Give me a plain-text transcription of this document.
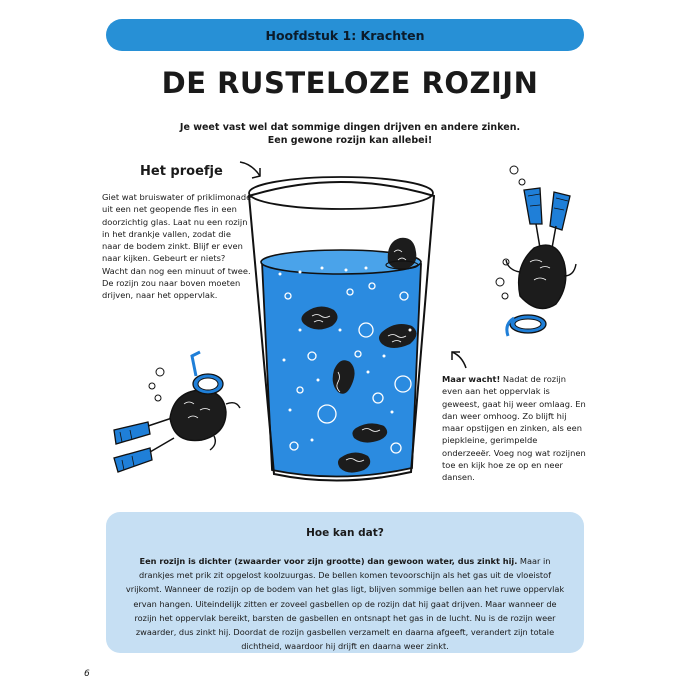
Hoofdstuk 1: Krachten
DE RUSTELOZE ROZIJN
Je weet vast wel dat sommige dingen drijven en andere zinken.
Een gewone rozijn kan allebei!
Het proefje

Giet wat bruiswater of priklimonade uit een net geopende fles in een doorzichtig glas. Laat nu een rozijn in het drankje vallen, zodat die naar de bodem zinkt. Blijf er even naar kijken. Gebeurt er niets? Wacht dan nog een minuut of twee. De rozijn zou naar boven moeten drijven, naar het oppervlak.

Maar wacht! Nadat de rozijn even aan het oppervlak is geweest, gaat hij weer omlaag. En dan weer omhoog. Zo blijft hij maar opstijgen en zinken, als een piepkleine, gerimpelde onderzeeër. Voeg nog wat rozijnen toe en kijk hoe ze op en neer dansen.

Hoe kan dat?

Een rozijn is dichter (zwaarder voor zijn grootte) dan gewoon water, dus zinkt hij. Maar in drankjes met prik zit opgelost koolzuurgas. De bellen komen tevoorschijn als het gas uit de vloeistof vrijkomt. Wanneer de rozijn op de bodem van het glas ligt, blijven sommige bellen aan het ruwe oppervlak ervan hangen. Uiteindelijk zitten er zoveel gasbellen op de rozijn dat hij gaat drijven. Maar wanneer de rozijn het oppervlak bereikt, barsten de gasbellen en ontsnapt het gas in de lucht. Nu is de rozijn weer zwaarder, dus zinkt hij. Doordat de rozijn gasbellen verzamelt en daarna afgeeft, verandert zijn totale dichtheid, waardoor hij drijft en daarna weer zinkt.

6
